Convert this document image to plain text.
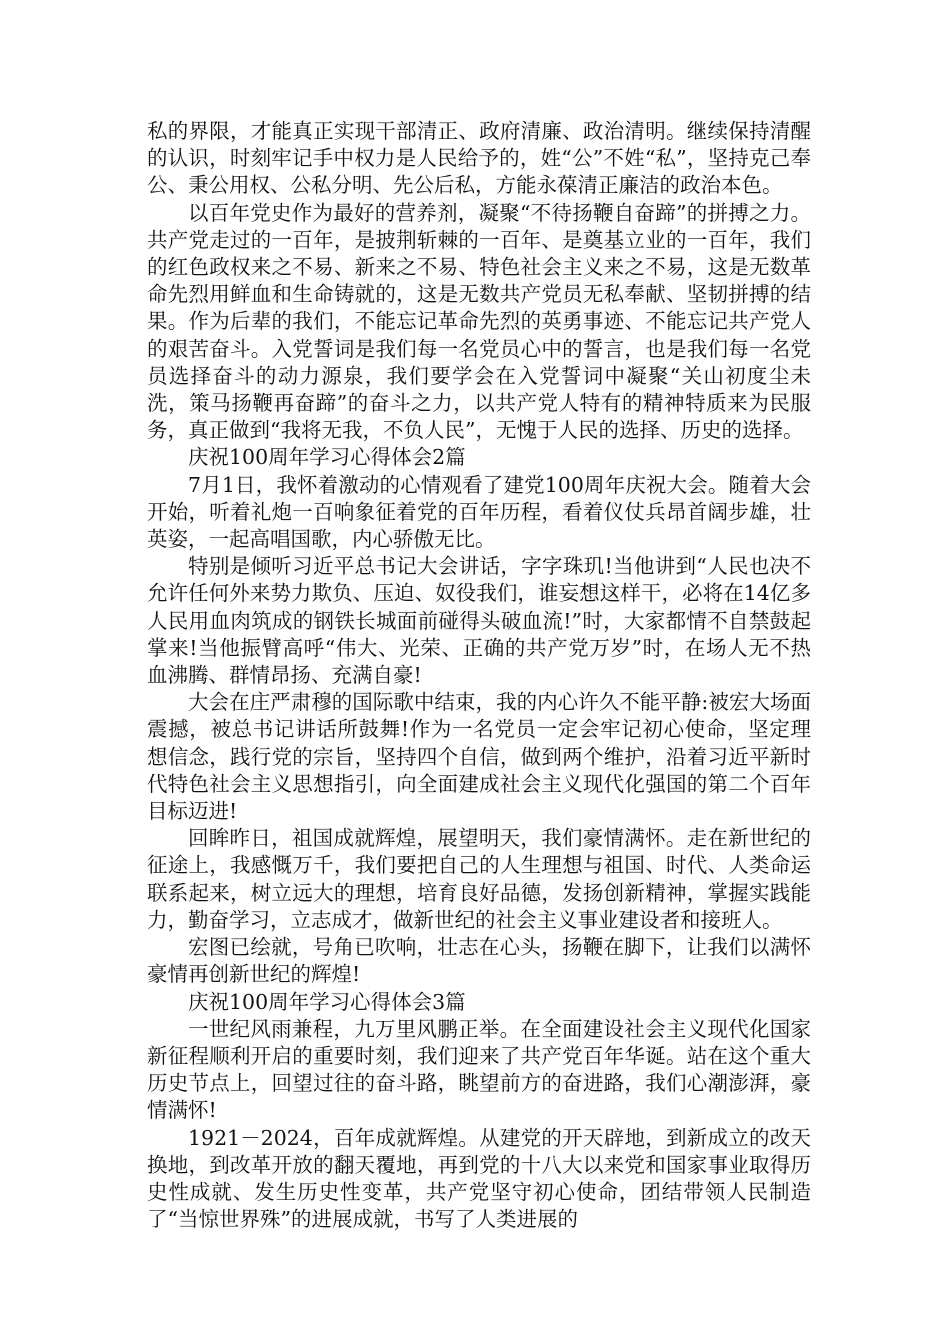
私的界限，才能真正实现干部清正、政府清廉、政治清明。继续保持清醒的认识，时刻牢记手中权力是人民给予的，姓“公”不姓“私”，坚持克己奉公、秉公用权、公私分明、先公后私，方能永葆清正廉洁的政治本色。

以百年党史作为最好的营养剂，凝聚“不待扬鞭自奋蹄”的拼搏之力。共产党走过的一百年，是披荆斩棘的一百年、是奠基立业的一百年，我们的红色政权来之不易、新来之不易、特色社会主义来之不易，这是无数革命先烈用鲜血和生命铸就的，这是无数共产党员无私奉献、坚韧拼搏的结果。作为后辈的我们，不能忘记革命先烈的英勇事迹、不能忘记共产党人的艰苦奋斗。入党誓词是我们每一名党员心中的誓言，也是我们每一名党员选择奋斗的动力源泉，我们要学会在入党誓词中凝聚“关山初度尘未洗，策马扬鞭再奋蹄”的奋斗之力，以共产党人特有的精神特质来为民服务，真正做到“我将无我，不负人民”，无愧于人民的选择、历史的选择。

庆祝100周年学习心得体会2篇

7月1日，我怀着激动的心情观看了建党100周年庆祝大会。随着大会开始，听着礼炮一百响象征着党的百年历程，看着仪仗兵昂首阔步雄，壮英姿，一起高唱国歌，内心骄傲无比。

特别是倾听习近平总书记大会讲话，字字珠玑!当他讲到“人民也决不允许任何外来势力欺负、压迫、奴役我们，谁妄想这样干，必将在14亿多人民用血肉筑成的钢铁长城面前碰得头破血流!”时，大家都情不自禁鼓起掌来!当他振臂高呼“伟大、光荣、正确的共产党万岁”时，在场人无不热血沸腾、群情昂扬、充满自豪!

大会在庄严肃穆的国际歌中结束，我的内心许久不能平静:被宏大场面震撼，被总书记讲话所鼓舞!作为一名党员一定会牢记初心使命，坚定理想信念，践行党的宗旨，坚持四个自信，做到两个维护，沿着习近平新时代特色社会主义思想指引，向全面建成社会主义现代化强国的第二个百年目标迈进!

回眸昨日，祖国成就辉煌，展望明天，我们豪情满怀。走在新世纪的征途上，我感慨万千，我们要把自己的人生理想与祖国、时代、人类命运联系起来，树立远大的理想，培育良好品德，发扬创新精神，掌握实践能力，勤奋学习，立志成才，做新世纪的社会主义事业建设者和接班人。

宏图已绘就，号角已吹响，壮志在心头，扬鞭在脚下，让我们以满怀豪情再创新世纪的辉煌!

庆祝100周年学习心得体会3篇

一世纪风雨兼程，九万里风鹏正举。在全面建设社会主义现代化国家新征程顺利开启的重要时刻，我们迎来了共产党百年华诞。站在这个重大历史节点上，回望过往的奋斗路，眺望前方的奋进路，我们心潮澎湃，豪情满怀!

1921－2024，百年成就辉煌。从建党的开天辟地，到新成立的改天换地，到改革开放的翻天覆地，再到党的十八大以来党和国家事业取得历史性成就、发生历史性变革，共产党坚守初心使命，团结带领人民制造了“当惊世界殊”的进展成就，书写了人类进展的
